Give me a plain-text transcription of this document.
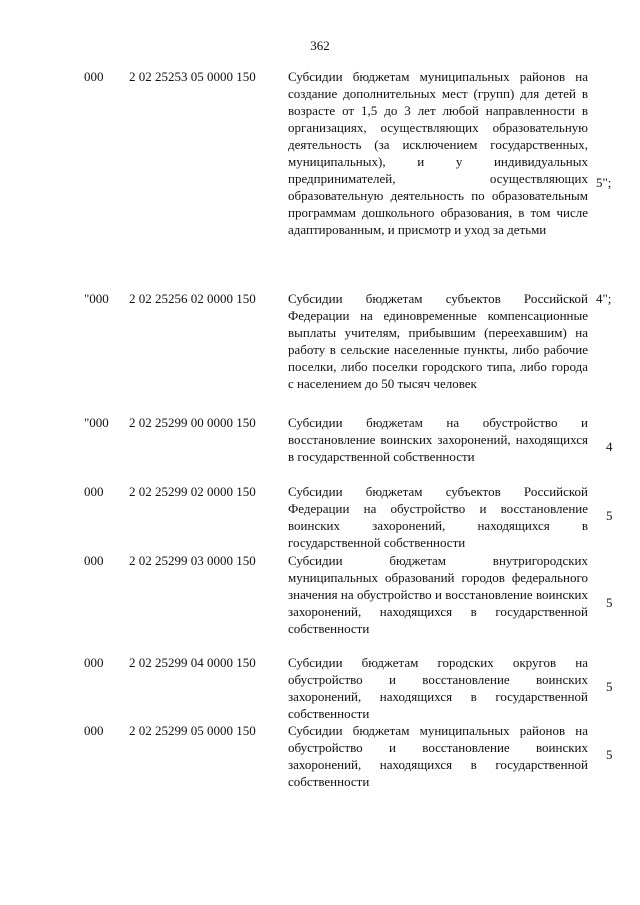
362
000 2 02 25253 05 0000 150 Субсидии бюджетам муниципальных районов на создание дополнительных мест (групп) для детей в возрасте от 1,5 до 3 лет любой направленности в организациях, осуществляющих образовательную деятельность (за исключением государственных, муниципальных), и у индивидуальных предпринимателей, осуществляющих образовательную деятельность по образовательным программам дошкольного образования, в том числе адаптированным, и присмотр и уход за детьми
5";
"000 2 02 25256 02 0000 150 Субсидии бюджетам субъектов Российской Федерации на единовременные компенсационные выплаты учителям, прибывшим (переехавшим) на работу в сельские населенные пункты, либо рабочие поселки, либо поселки городского типа, либо города с населением до 50 тысяч человек
4";
"000 2 02 25299 00 0000 150 Субсидии бюджетам на обустройство и восстановление воинских захоронений, находящихся в государственной собственности
4
000 2 02 25299 02 0000 150 Субсидии бюджетам субъектов Российской Федерации на обустройство и восстановление воинских захоронений, находящихся в государственной собственности
5
000 2 02 25299 03 0000 150 Субсидии бюджетам внутригородских муниципальных образований городов федерального значения на обустройство и восстановление воинских захоронений, находящихся в государственной собственности
5
000 2 02 25299 04 0000 150 Субсидии бюджетам городских округов на обустройство и восстановление воинских захоронений, находящихся в государственной собственности
5
000 2 02 25299 05 0000 150 Субсидии бюджетам муниципальных районов на обустройство и восстановление воинских захоронений, находящихся в государственной собственности
5
